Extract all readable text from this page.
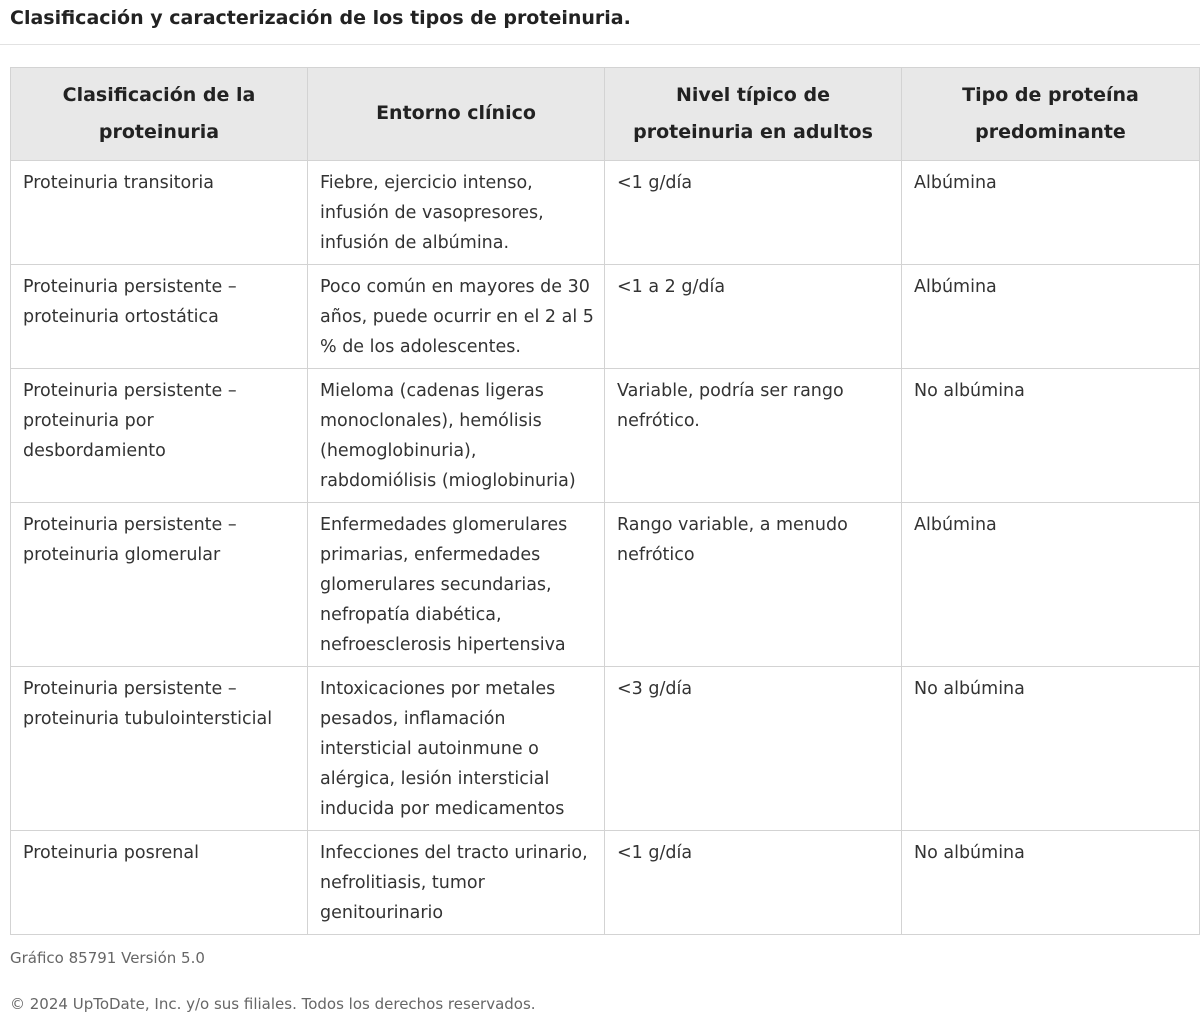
Clasificación y caracterización de los tipos de proteinuria.
Clasificación de la proteinuria	Entorno clínico	Nivel típico de proteinuria en adultos	Tipo de proteína predominante
Proteinuria transitoria	Fiebre, ejercicio intenso, infusión de vasopresores, infusión de albúmina.	<1 g/día	Albúmina
Proteinuria persistente – proteinuria ortostática	Poco común en mayores de 30 años, puede ocurrir en el 2 al 5 % de los adolescentes.	<1 a 2 g/día	Albúmina
Proteinuria persistente – proteinuria por desbordamiento	Mieloma (cadenas ligeras monoclonales), hemólisis (hemoglobinuria), rabdomiólisis (mioglobinuria)	Variable, podría ser rango nefrótico.	No albúmina
Proteinuria persistente – proteinuria glomerular	Enfermedades glomerulares primarias, enfermedades glomerulares secundarias, nefropatía diabética, nefroesclerosis hipertensiva	Rango variable, a menudo nefrótico	Albúmina
Proteinuria persistente – proteinuria tubulointersticial	Intoxicaciones por metales pesados, inflamación intersticial autoinmune o alérgica, lesión intersticial inducida por medicamentos	<3 g/día	No albúmina
Proteinuria posrenal	Infecciones del tracto urinario, nefrolitiasis, tumor genitourinario	<1 g/día	No albúmina

Gráfico 85791 Versión 5.0

© 2024 UpToDate, Inc. y/o sus filiales. Todos los derechos reservados.
